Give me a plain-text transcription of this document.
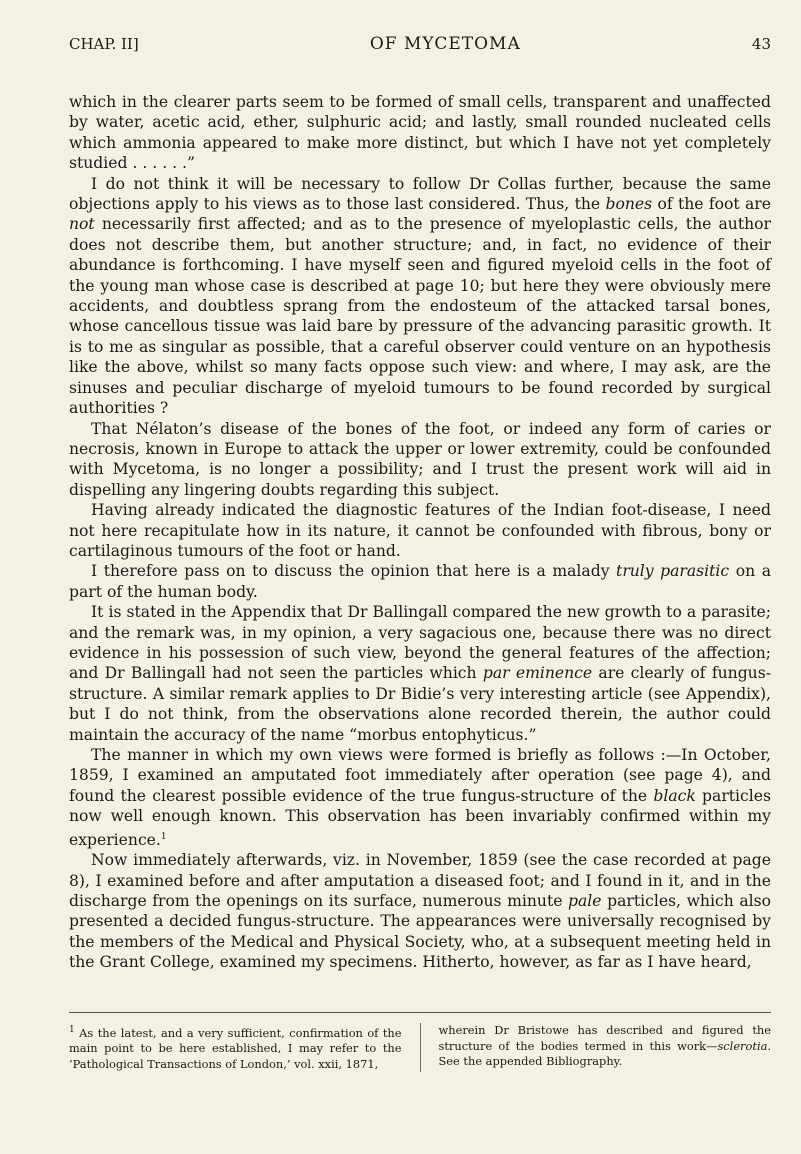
CHAP. II]	OF MYCETOMA	43

which in the clearer parts seem to be formed of small cells, transparent and unaffected by water, acetic acid, ether, sulphuric acid; and lastly, small rounded nucleated cells which ammonia appeared to make more distinct, but which I have not yet completely studied . . . . . .”

I do not think it will be necessary to follow Dr Collas further, because the same objections apply to his views as to those last considered. Thus, the bones of the foot are not necessarily first affected; and as to the presence of myeloplastic cells, the author does not describe them, but another structure; and, in fact, no evidence of their abundance is forthcoming. I have myself seen and figured myeloid cells in the foot of the young man whose case is described at page 10; but here they were obviously mere accidents, and doubtless sprang from the endosteum of the attacked tarsal bones, whose cancellous tissue was laid bare by pressure of the advancing parasitic growth. It is to me as singular as possible, that a careful observer could venture on an hypothesis like the above, whilst so many facts oppose such view: and where, I may ask, are the sinuses and peculiar discharge of myeloid tumours to be found recorded by surgical authorities ?

That Nélaton’s disease of the bones of the foot, or indeed any form of caries or necrosis, known in Europe to attack the upper or lower extremity, could be confounded with Mycetoma, is no longer a possibility; and I trust the present work will aid in dispelling any lingering doubts regarding this subject.

Having already indicated the diagnostic features of the Indian foot-disease, I need not here recapitulate how in its nature, it cannot be confounded with fibrous, bony or cartilaginous tumours of the foot or hand.

I therefore pass on to discuss the opinion that here is a malady truly parasitic on a part of the human body.

It is stated in the Appendix that Dr Ballingall compared the new growth to a parasite; and the remark was, in my opinion, a very sagacious one, because there was no direct evidence in his possession of such view, beyond the general features of the affection; and Dr Ballingall had not seen the particles which par eminence are clearly of fungus-structure. A similar remark applies to Dr Bidie’s very interesting article (see Appendix), but I do not think, from the observations alone recorded therein, the author could maintain the accuracy of the name “morbus entophyticus.”

The manner in which my own views were formed is briefly as follows :—In October, 1859, I examined an amputated foot immediately after operation (see page 4), and found the clearest possible evidence of the true fungus-structure of the black particles now well enough known. This observation has been invariably confirmed within my experience.$^1$

Now immediately afterwards, viz. in November, 1859 (see the case recorded at page 8), I examined before and after amputation a diseased foot; and I found in it, and in the discharge from the openings on its surface, numerous minute pale particles, which also presented a decided fungus-structure. The appearances were universally recognised by the members of the Medical and Physical Society, who, at a subsequent meeting held in the Grant College, examined my specimens. Hitherto, however, as far as I have heard,

$^1$ As the latest, and a very sufficient, confirmation of the main point to be here established, I may refer to the ‘Pathological Transactions of London,’ vol. xxii, 1871,
wherein Dr Bristowe has described and figured the structure of the bodies termed in this work—sclerotia. See the appended Bibliography.
